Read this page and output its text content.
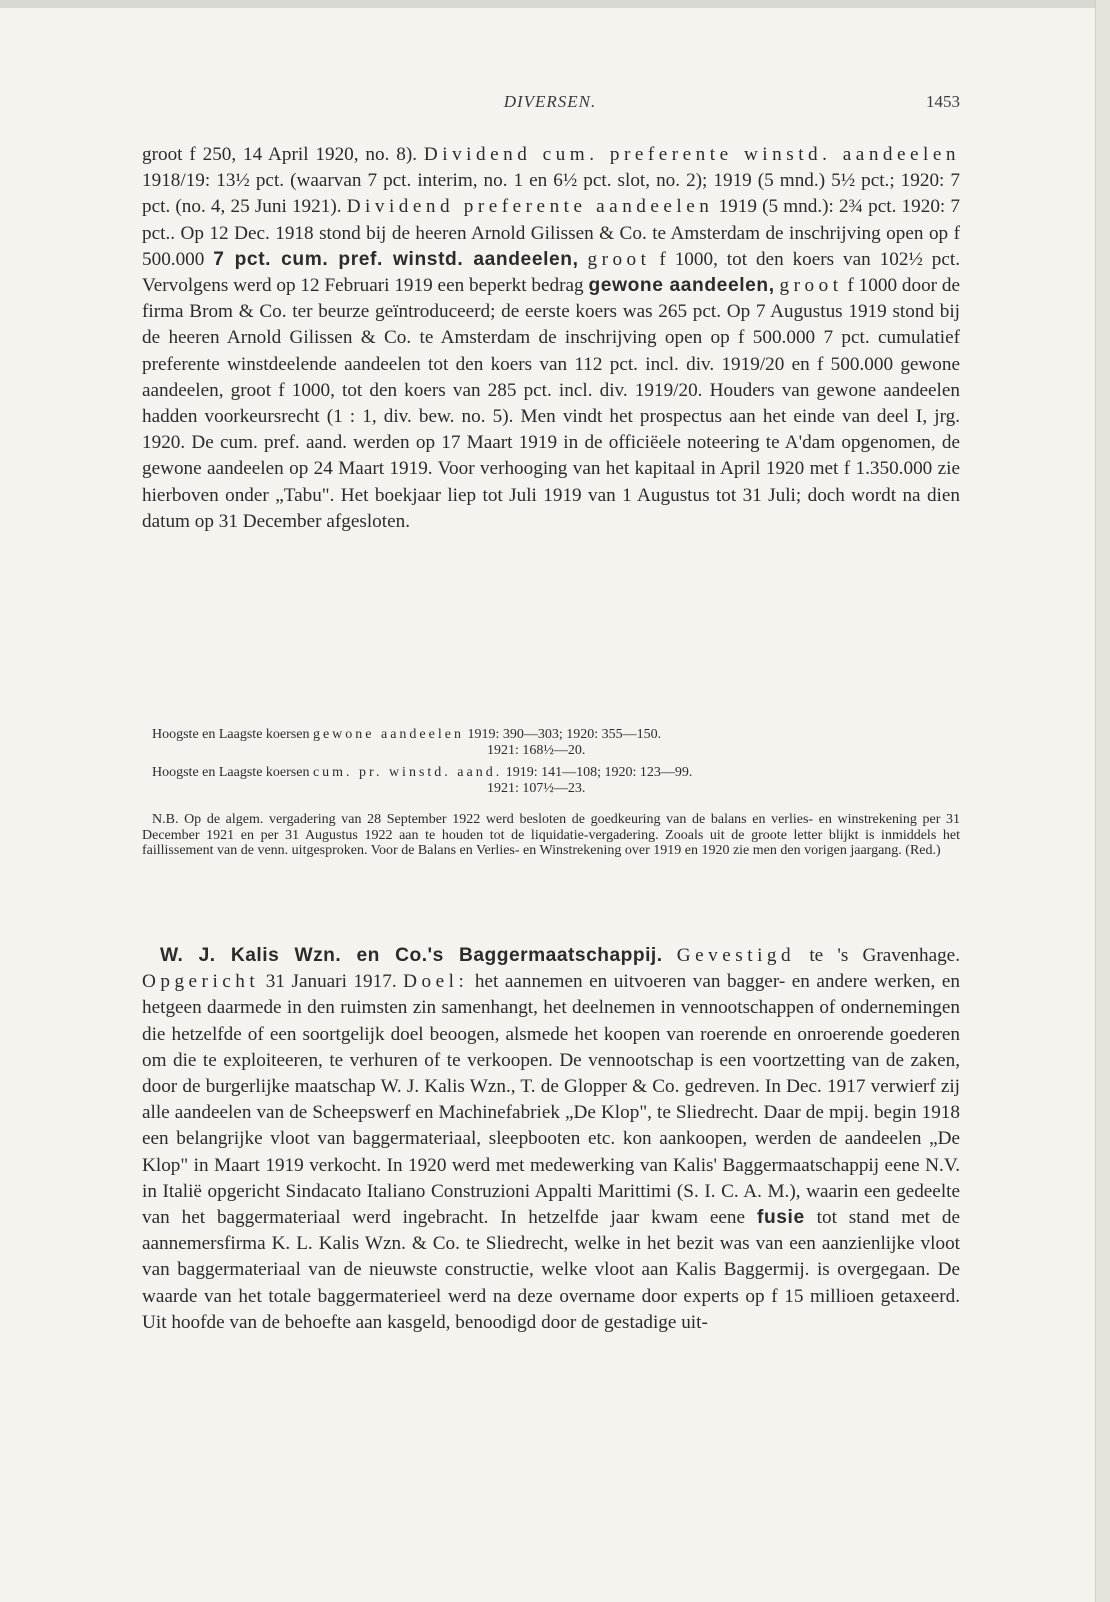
DIVERSEN.	1453

groot f 250, 14 April 1920, no. 8). Dividend cum. preferente winstd. aandeelen 1918/19: 13½ pct. (waarvan 7 pct. interim, no. 1 en 6½ pct. slot, no. 2); 1919 (5 mnd.) 5½ pct.; 1920: 7 pct. (no. 4, 25 Juni 1921). Dividend preferente aandeelen 1919 (5 mnd.): 2¾ pct. 1920: 7 pct.. Op 12 Dec. 1918 stond bij de heeren Arnold Gilissen & Co. te Amsterdam de inschrijving open op f 500.000 7 pct. cum. pref. winstd. aandeelen, groot f 1000, tot den koers van 102½ pct. Vervolgens werd op 12 Februari 1919 een beperkt bedrag gewone aandeelen, groot f 1000 door de firma Brom & Co. ter beurze geïntroduceerd; de eerste koers was 265 pct. Op 7 Augustus 1919 stond bij de heeren Arnold Gilissen & Co. te Amsterdam de inschrijving open op f 500.000 7 pct. cumulatief preferente winstdeelende aandeelen tot den koers van 112 pct. incl. div. 1919/20 en f 500.000 gewone aandeelen, groot f 1000, tot den koers van 285 pct. incl. div. 1919/20. Houders van gewone aandeelen hadden voorkeursrecht (1 : 1, div. bew. no. 5). Men vindt het prospectus aan het einde van deel I, jrg. 1920. De cum. pref. aand. werden op 17 Maart 1919 in de officiëele noteering te A'dam opgenomen, de gewone aandeelen op 24 Maart 1919. Voor verhooging van het kapitaal in April 1920 met f 1.350.000 zie hierboven onder „Tabu". Het boekjaar liep tot Juli 1919 van 1 Augustus tot 31 Juli; doch wordt na dien datum op 31 December afgesloten.

Hoogste en Laagste koersen gewone aandeelen 1919: 390—303; 1920: 355—150.
1921: 168½—20.
Hoogste en Laagste koersen cum. pr. winstd. aand. 1919: 141—108; 1920: 123—99.
1921: 107½—23.

N.B. Op de algem. vergadering van 28 September 1922 werd besloten de goedkeuring van de balans en verlies- en winstrekening per 31 December 1921 en per 31 Augustus 1922 aan te houden tot de liquidatie-vergadering. Zooals uit de groote letter blijkt is inmiddels het faillissement van de venn. uitgesproken. Voor de Balans en Verlies- en Winstrekening over 1919 en 1920 zie men den vorigen jaargang. (Red.)

W. J. Kalis Wzn. en Co.'s Baggermaatschappij. Gevestigd te 's Gravenhage. Opgericht 31 Januari 1917. Doel: het aannemen en uitvoeren van bagger- en andere werken, en hetgeen daarmede in den ruimsten zin samenhangt, het deelnemen in vennootschappen of ondernemingen die hetzelfde of een soortgelijk doel beoogen, alsmede het koopen van roerende en onroerende goederen om die te exploiteeren, te verhuren of te verkoopen. De vennootschap is een voortzetting van de zaken, door de burgerlijke maatschap W. J. Kalis Wzn., T. de Glopper & Co. gedreven. In Dec. 1917 verwierf zij alle aandeelen van de Scheepswerf en Machinefabriek „De Klop", te Sliedrecht. Daar de mpij. begin 1918 een belangrijke vloot van baggermateriaal, sleepbooten etc. kon aankoopen, werden de aandeelen „De Klop" in Maart 1919 verkocht. In 1920 werd met medewerking van Kalis' Baggermaatschappij eene N.V. in Italië opgericht Sindacato Italiano Construzioni Appalti Marittimi (S. I. C. A. M.), waarin een gedeelte van het baggermateriaal werd ingebracht. In hetzelfde jaar kwam eene fusie tot stand met de aannemersfirma K. L. Kalis Wzn. & Co. te Sliedrecht, welke in het bezit was van een aanzienlijke vloot van baggermateriaal van de nieuwste constructie, welke vloot aan Kalis Baggermij. is overgegaan. De waarde van het totale baggermaterieel werd na deze overname door experts op f 15 millioen getaxeerd. Uit hoofde van de behoefte aan kasgeld, benoodigd door de gestadige uit-
